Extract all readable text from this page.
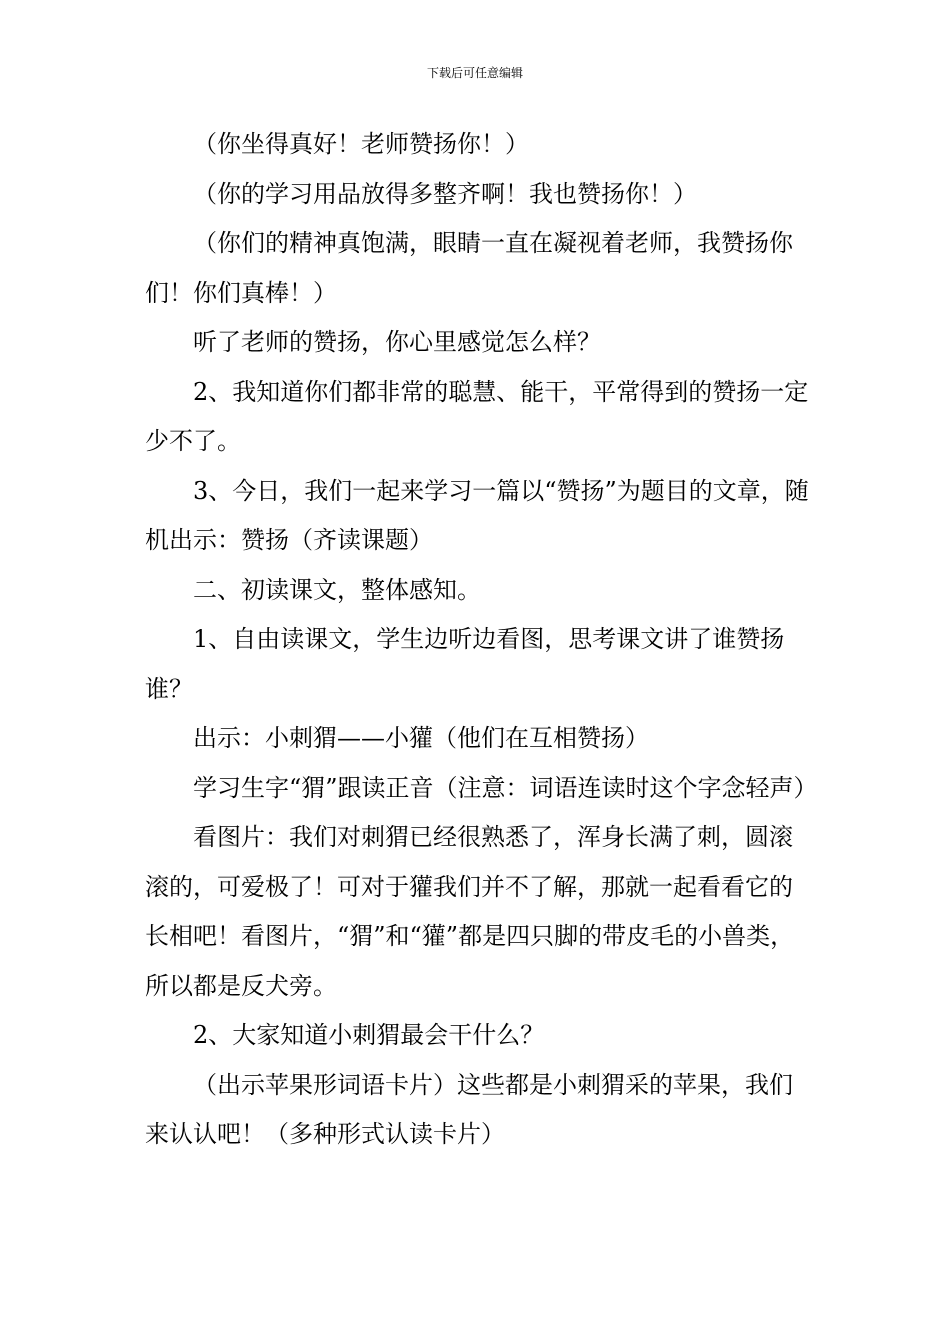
下载后可任意编辑

（你坐得真好！老师赞扬你！）

（你的学习用品放得多整齐啊！我也赞扬你！）

（你们的精神真饱满，眼睛一直在凝视着老师，我赞扬你们！你们真棒！）

听了老师的赞扬，你心里感觉怎么样？

2、我知道你们都非常的聪慧、能干，平常得到的赞扬一定少不了。

3、今日，我们一起来学习一篇以“赞扬”为题目的文章，随机出示：赞扬（齐读课题）

二、初读课文，整体感知。

1、自由读课文，学生边听边看图，思考课文讲了谁赞扬谁？

出示：小刺猬——小獾（他们在互相赞扬）

学习生字“猬”跟读正音（注意：词语连读时这个字念轻声）

看图片：我们对刺猬已经很熟悉了，浑身长满了刺，圆滚滚的，可爱极了！可对于獾我们并不了解，那就一起看看它的长相吧！看图片，“猬”和“獾”都是四只脚的带皮毛的小兽类，所以都是反犬旁。

2、大家知道小刺猬最会干什么？

（出示苹果形词语卡片）这些都是小刺猬采的苹果，我们来认认吧！（多种形式认读卡片）
